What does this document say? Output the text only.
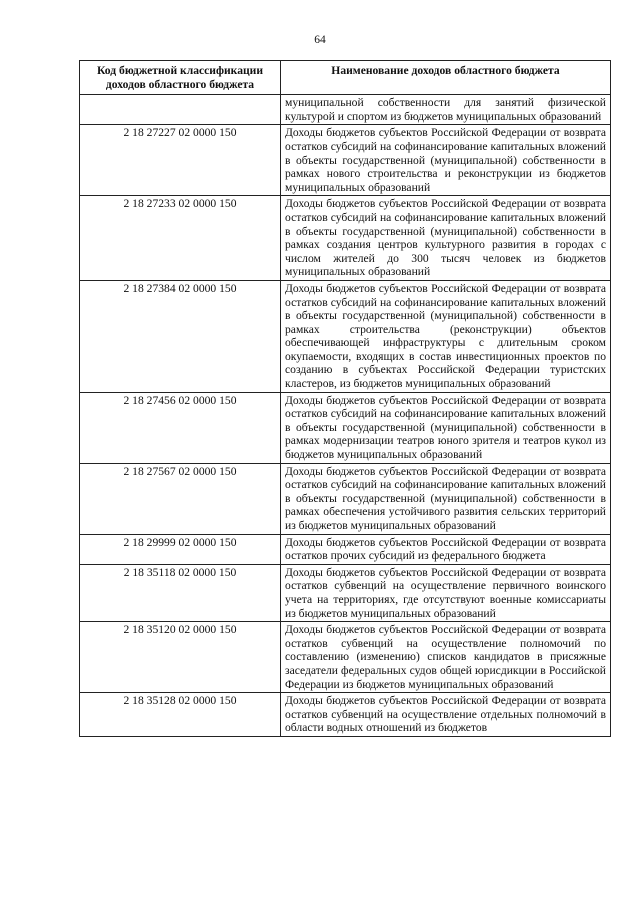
64
Код бюджетной классификации доходов областного бюджета	Наименование доходов областного бюджета
	муниципальной собственности для занятий физической культурой и спортом из бюджетов муниципальных образований
2 18 27227 02 0000 150	Доходы бюджетов субъектов Российской Федерации от возврата остатков субсидий на софинансирование капитальных вложений в объекты государственной (муниципальной) собственности в рамках нового строительства и реконструкции из бюджетов муниципальных образований
2 18 27233 02 0000 150	Доходы бюджетов субъектов Российской Федерации от возврата остатков субсидий на софинансирование капитальных вложений в объекты государственной (муниципальной) собственности в рамках создания центров культурного развития в городах с числом жителей до 300 тысяч человек из бюджетов муниципальных образований
2 18 27384 02 0000 150	Доходы бюджетов субъектов Российской Федерации от возврата остатков субсидий на софинансирование капитальных вложений в объекты государственной (муниципальной) собственности в рамках строительства (реконструкции) объектов обеспечивающей инфраструктуры с длительным сроком окупаемости, входящих в состав инвестиционных проектов по созданию в субъектах Российской Федерации туристских кластеров, из бюджетов муниципальных образований
2 18 27456 02 0000 150	Доходы бюджетов субъектов Российской Федерации от возврата остатков субсидий на софинансирование капитальных вложений в объекты государственной (муниципальной) собственности в рамках модернизации театров юного зрителя и театров кукол из бюджетов муниципальных образований
2 18 27567 02 0000 150	Доходы бюджетов субъектов Российской Федерации от возврата остатков субсидий на софинансирование капитальных вложений в объекты государственной (муниципальной) собственности в рамках обеспечения устойчивого развития сельских территорий из бюджетов муниципальных образований
2 18 29999 02 0000 150	Доходы бюджетов субъектов Российской Федерации от возврата остатков прочих субсидий из федерального бюджета
2 18 35118 02 0000 150	Доходы бюджетов субъектов Российской Федерации от возврата остатков субвенций на осуществление первичного воинского учета на территориях, где отсутствуют военные комиссариаты из бюджетов муниципальных образований
2 18 35120 02 0000 150	Доходы бюджетов субъектов Российской Федерации от возврата остатков субвенций на осуществление полномочий по составлению (изменению) списков кандидатов в присяжные заседатели федеральных судов общей юрисдикции в Российской Федерации из бюджетов муниципальных образований
2 18 35128 02 0000 150	Доходы бюджетов субъектов Российской Федерации от возврата остатков субвенций на осуществление отдельных полномочий в области водных отношений из бюджетов
